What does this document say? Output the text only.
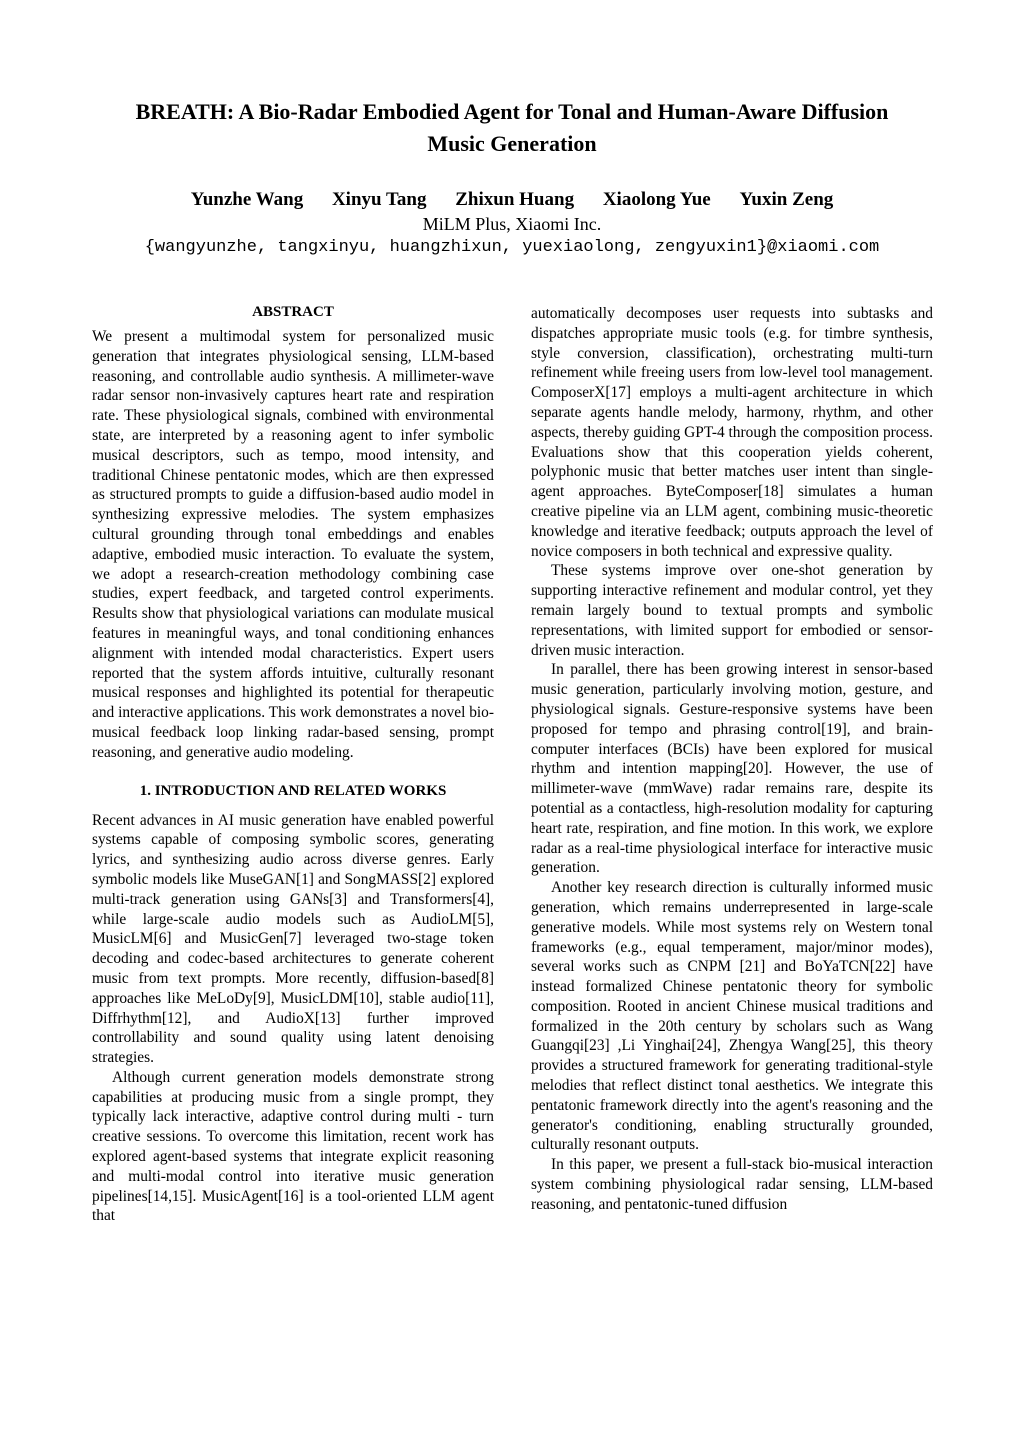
BREATH: A Bio-Radar Embodied Agent for Tonal and Human-Aware Diffusion Music Generation
Yunzhe Wang Xinyu Tang Zhixun Huang Xiaolong Yue Yuxin Zeng
MiLM Plus, Xiaomi Inc.
{wangyunzhe, tangxinyu, huangzhixun, yuexiaolong, zengyuxin1}@xiaomi.com
ABSTRACT

We present a multimodal system for personalized music generation that integrates physiological sensing, LLM-based reasoning, and controllable audio synthesis. A millimeter-wave radar sensor non-invasively captures heart rate and respiration rate. These physiological signals, combined with environmental state, are interpreted by a reasoning agent to infer symbolic musical descriptors, such as tempo, mood intensity, and traditional Chinese pentatonic modes, which are then expressed as structured prompts to guide a diffusion-based audio model in synthesizing expressive melodies. The system emphasizes cultural grounding through tonal embeddings and enables adaptive, embodied music interaction. To evaluate the system, we adopt a research-creation methodology combining case studies, expert feedback, and targeted control experiments. Results show that physiological variations can modulate musical features in meaningful ways, and tonal conditioning enhances alignment with intended modal characteristics. Expert users reported that the system affords intuitive, culturally resonant musical responses and highlighted its potential for therapeutic and interactive applications. This work demonstrates a novel bio-musical feedback loop linking radar-based sensing, prompt reasoning, and generative audio modeling.

1. INTRODUCTION AND RELATED WORKS

Recent advances in AI music generation have enabled powerful systems capable of composing symbolic scores, generating lyrics, and synthesizing audio across diverse genres. Early symbolic models like MuseGAN[1] and SongMASS[2] explored multi-track generation using GANs[3] and Transformers[4], while large-scale audio models such as AudioLM[5], MusicLM[6] and MusicGen[7] leveraged two-stage token decoding and codec-based architectures to generate coherent music from text prompts. More recently, diffusion-based[8] approaches like MeLoDy[9], MusicLDM[10], stable audio[11], Diffrhythm[12], and AudioX[13] further improved controllability and sound quality using latent denoising strategies.

Although current generation models demonstrate strong capabilities at producing music from a single prompt, they typically lack interactive, adaptive control during multi - turn creative sessions. To overcome this limitation, recent work has explored agent-based systems that integrate explicit reasoning and multi-modal control into iterative music generation pipelines[14,15]. MusicAgent[16] is a tool-oriented LLM agent that

automatically decomposes user requests into subtasks and dispatches appropriate music tools (e.g. for timbre synthesis, style conversion, classification), orchestrating multi-turn refinement while freeing users from low-level tool management. ComposerX[17] employs a multi-agent architecture in which separate agents handle melody, harmony, rhythm, and other aspects, thereby guiding GPT-4 through the composition process. Evaluations show that this cooperation yields coherent, polyphonic music that better matches user intent than single-agent approaches. ByteComposer[18] simulates a human creative pipeline via an LLM agent, combining music-theoretic knowledge and iterative feedback; outputs approach the level of novice composers in both technical and expressive quality.

These systems improve over one-shot generation by supporting interactive refinement and modular control, yet they remain largely bound to textual prompts and symbolic representations, with limited support for embodied or sensor-driven music interaction.

In parallel, there has been growing interest in sensor-based music generation, particularly involving motion, gesture, and physiological signals. Gesture-responsive systems have been proposed for tempo and phrasing control[19], and brain-computer interfaces (BCIs) have been explored for musical rhythm and intention mapping[20]. However, the use of millimeter-wave (mmWave) radar remains rare, despite its potential as a contactless, high-resolution modality for capturing heart rate, respiration, and fine motion. In this work, we explore radar as a real-time physiological interface for interactive music generation.

Another key research direction is culturally informed music generation, which remains underrepresented in large-scale generative models. While most systems rely on Western tonal frameworks (e.g., equal temperament, major/minor modes), several works such as CNPM [21] and BoYaTCN[22] have instead formalized Chinese pentatonic theory for symbolic composition. Rooted in ancient Chinese musical traditions and formalized in the 20th century by scholars such as Wang Guangqi[23] ,Li Yinghai[24], Zhengya Wang[25], this theory provides a structured framework for generating traditional-style melodies that reflect distinct tonal aesthetics. We integrate this pentatonic framework directly into the agent's reasoning and the generator's conditioning, enabling structurally grounded, culturally resonant outputs.

In this paper, we present a full-stack bio-musical interaction system combining physiological radar sensing, LLM-based reasoning, and pentatonic-tuned diffusion
